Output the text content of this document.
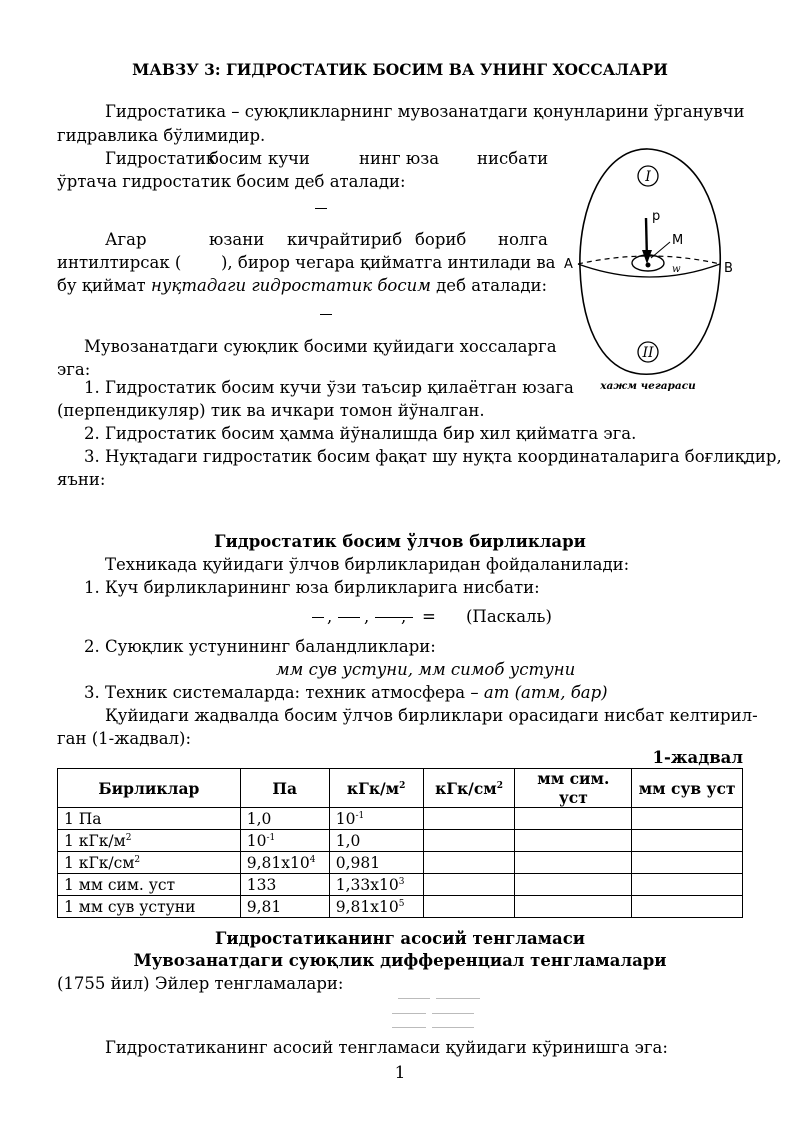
МАВЗУ 3: ГИДРОСТАТИК БОСИМ ВА УНИНГ ХОССАЛАРИ
Гидростатика – суюқликларнинг мувозанатдаги қонунларини ўрганувчи
гидравлика бўлимидир.
Гидростатик
босим кучи	нинг юза нисбати
ўртача гидростатик босим деб аталади:
Агар	юзани кичрайтириб бориб нолга
интилтирсак ( ), бирор чегара қийматга интилади ва
бу қиймат нуқтадаги гидростатик босим деб аталади:
Мувозанатдаги суюқлик босими қуйидаги хоссаларга
эга:
1. Гидростатик босим кучи ўзи таъсир қилаётган юзага
(перпендикуляр) тик ва ичкари томон йўналган.
2. Гидростатик босим ҳамма йўналишда бир хил қийматга эга.
3. Нуқтадаги гидростатик босим фақат шу нуқта координаталарига боғлиқдир,
яъни:
I
II
p
M
w
A	B
хажм чегараси
Гидростатик босим ўлчов бирликлари
Техникада қуйидаги ўлчов бирликларидан фойдаланилади:
1. Куч бирликларининг юза бирликларига нисбати:
, , , = (Паскаль)
2. Суюқлик устунининг баландликлари:
мм сув устуни, мм симоб устуни
3. Техник системаларда: техник атмосфера – ат (атм, бар)
Қуйидаги жадвалда босим ўлчов бирликлари орасидаги нисбат келтирил-
ган (1-жадвал):
1-жадвал
Бирликлар	Па	кГк/$м^2$	кГк/$см^2$	мм сим. уст	мм сув уст
1 Па	1,0	$10^{-1}$			
1 кГк/$м^2$	$10^{-1}$	1,0			
1 кГк/$см^2$	$9,81x10^4$	0,981			
1 мм сим. уст	133	$1,33x10^3$			
1 мм сув устуни	9,81	$9,81x10^5$			
Гидростатиканинг асосий тенгламаси
Мувозанатдаги суюқлик дифференциал тенгламалари
(1755 йил) Эйлер тенгламалари:
Гидростатиканинг асосий тенгламаси қуйидаги кўринишга эга:
1
